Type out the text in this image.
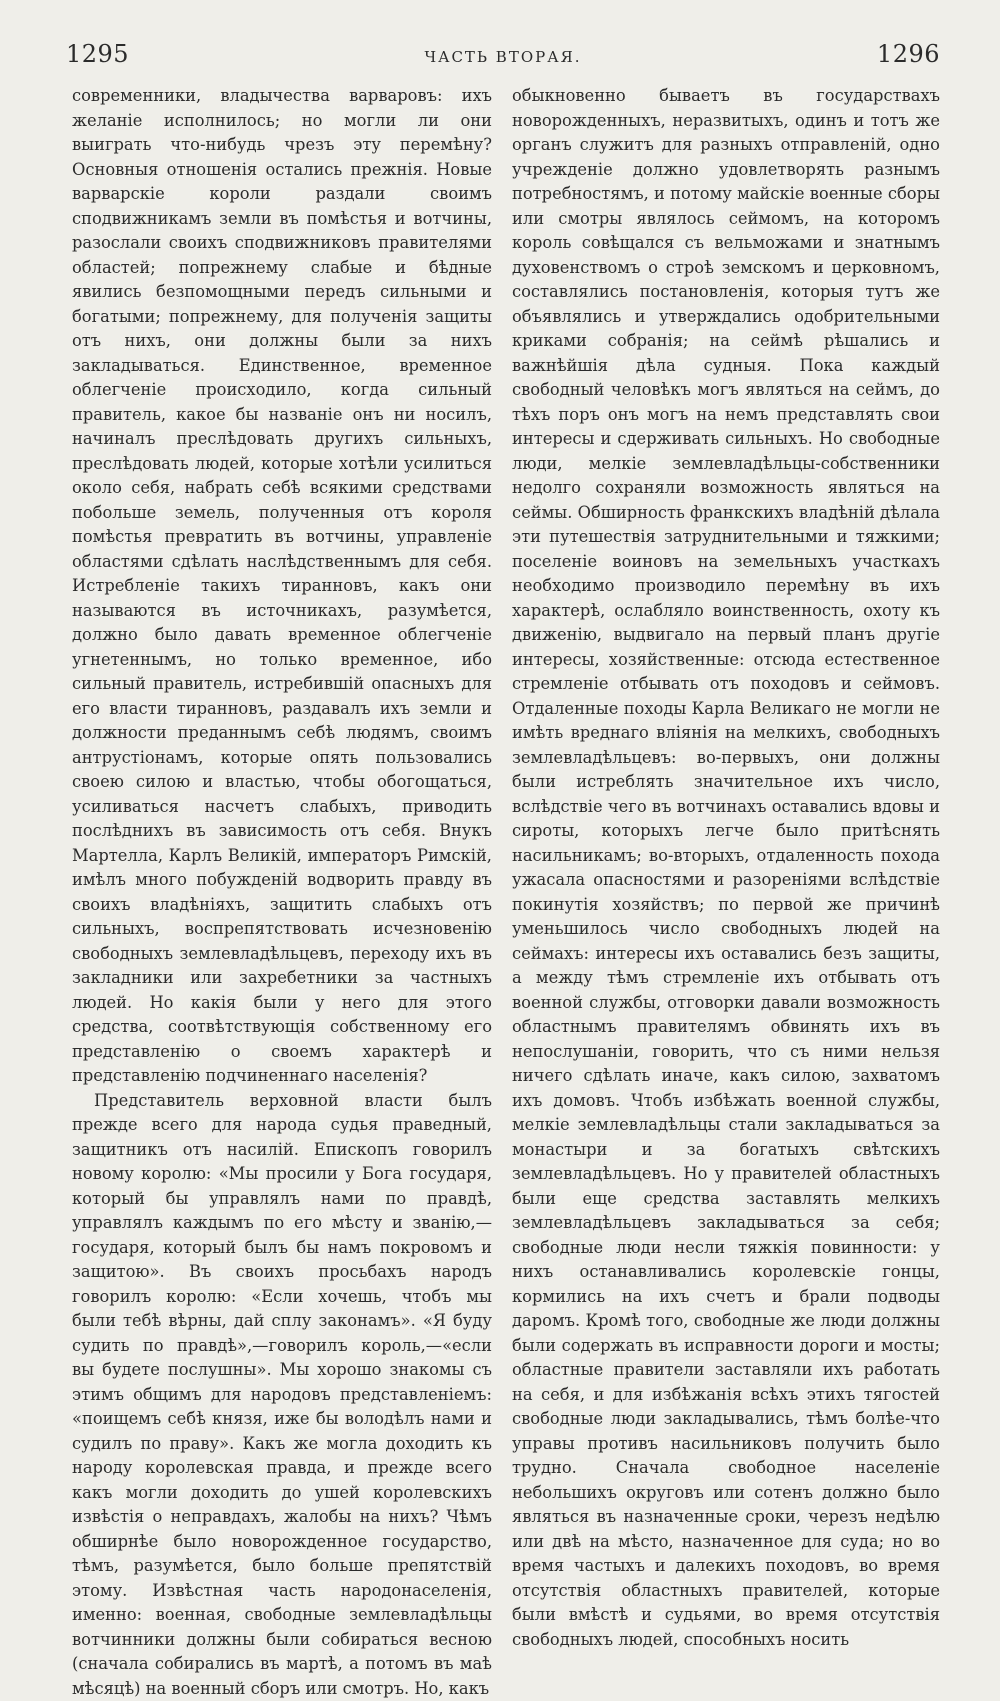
1295	ЧАСТЬ ВТОРАЯ.	1296

современники, владычества варваровъ: ихъ желаніе исполнилось; но могли ли они выиграть что-нибудь чрезъ эту перемѣну? Основныя отношенія остались прежнія. Новые варварскіе короли раздали своимъ сподвижникамъ земли въ помѣстья и вотчины, разослали своихъ сподвижниковъ правителями областей; попрежнему слабые и бѣдные явились безпомощными передъ сильными и богатыми; попрежнему, для полученія защиты отъ нихъ, они должны были за нихъ закладываться. Единственное, временное облегченіе происходило, когда сильный правитель, какое бы названіе онъ ни носилъ, начиналъ преслѣдовать другихъ сильныхъ, преслѣдовать людей, которые хотѣли усилиться около себя, набрать себѣ всякими средствами побольше земель, полученныя отъ короля помѣстья превратить въ вотчины, управленіе областями сдѣлать наслѣдственнымъ для себя. Истребленіе такихъ тиранновъ, какъ они называются въ источникахъ, разумѣется, должно было давать временное облегченіе угнетеннымъ, но только временное, ибо сильный правитель, истребившій опасныхъ для его власти тиранновъ, раздавалъ ихъ земли и должности преданнымъ себѣ людямъ, своимъ антрустіонамъ, которые опять пользовались своею силою и властью, чтобы обогощаться, усиливаться насчетъ слабыхъ, приводить послѣднихъ въ зависимость отъ себя. Внукъ Мартелла, Карлъ Великій, императоръ Римскій, имѣлъ много побужденій водворить правду въ своихъ владѣніяхъ, защитить слабыхъ отъ сильныхъ, воспрепятствовать исчезновенію свободныхъ землевладѣльцевъ, переходу ихъ въ закладники или захребетники за частныхъ людей. Но какія были у него для этого средства, соотвѣтствующія собственному его представленію о своемъ характерѣ и представленію подчиненнаго населенія?

Представитель верховной власти былъ прежде всего для народа судья праведный, защитникъ отъ насилій. Епископъ говорилъ новому королю: «Мы просили у Бога государя, который бы управлялъ нами по правдѣ, управлялъ каждымъ по его мѣсту и званію,—государя, который былъ бы намъ покровомъ и защитою». Въ своихъ просьбахъ народъ говорилъ королю: «Если хочешь, чтобъ мы были тебѣ вѣрны, дай сплу законамъ». «Я буду судить по правдѣ»,—говорилъ король,—«если вы будете послушны». Мы хорошо знакомы съ этимъ общимъ для народовъ представленіемъ: «поищемъ себѣ князя, иже бы володѣлъ нами и судилъ по праву». Какъ же могла доходить къ народу королевская правда, и прежде всего какъ могли доходить до ушей королевскихъ извѣстія о неправдахъ, жалобы на нихъ? Чѣмъ обширнѣе было новорожденное государство, тѣмъ, разумѣется, было больше препятствій этому. Извѣстная часть народонаселенія, именно: военная, свободные землевладѣльцы вотчинники должны были собираться весною (сначала собирались въ мартѣ, а потомъ въ маѣ мѣсяцѣ) на военный сборъ или смотръ. Но, какъ

обыкновенно бываетъ въ государствахъ новорожденныхъ, неразвитыхъ, одинъ и тотъ же органъ служитъ для разныхъ отправленій, одно учрежденіе должно удовлетворять разнымъ потребностямъ, и потому майскіе военные сборы или смотры являлось сеймомъ, на которомъ король совѣщался съ вельможами и знатнымъ духовенствомъ о строѣ земскомъ и церковномъ, составлялись постановленія, которыя тутъ же объявлялись и утверждались одобрительными криками собранія; на сеймѣ рѣшались и важнѣйшія дѣла судныя. Пока каждый свободный человѣкъ могъ являться на сеймъ, до тѣхъ поръ онъ могъ на немъ представлять свои интересы и сдерживать сильныхъ. Но свободные люди, мелкіе землевладѣльцы-собственники недолго сохраняли возможность являться на сеймы. Обширность франкскихъ владѣній дѣлала эти путешествія затруднительными и тяжкими; поселеніе воиновъ на земельныхъ участкахъ необходимо производило перемѣну въ ихъ характерѣ, ослабляло воинственность, охоту къ движенію, выдвигало на первый планъ другіе интересы, хозяйственные: отсюда естественное стремленіе отбывать отъ походовъ и сеймовъ. Отдаленные походы Карла Великаго не могли не имѣть вреднаго вліянія на мелкихъ, свободныхъ землевладѣльцевъ: во-первыхъ, они должны были истреблять значительное ихъ число, вслѣдствіе чего въ вотчинахъ оставались вдовы и сироты, которыхъ легче было притѣснять насильникамъ; во-вторыхъ, отдаленность похода ужасала опасностями и разореніями вслѣдствіе покинутія хозяйствъ; по первой же причинѣ уменьшилось число свободныхъ людей на сеймахъ: интересы ихъ оставались безъ защиты, а между тѣмъ стремленіе ихъ отбывать отъ военной службы, отговорки давали возможность областнымъ правителямъ обвинять ихъ въ непослушаніи, говорить, что съ ними нельзя ничего сдѣлать иначе, какъ силою, захватомъ ихъ домовъ. Чтобъ избѣжать военной службы, мелкіе землевладѣльцы стали закладываться за монастыри и за богатыхъ свѣтскихъ землевладѣльцевъ. Но у правителей областныхъ были еще средства заставлять мелкихъ землевладѣльцевъ закладываться за себя; свободные люди несли тяжкія повинности: у нихъ останавливались королевскіе гонцы, кормились на ихъ счетъ и брали подводы даромъ. Кромѣ того, свободные же люди должны были содержать въ исправности дороги и мосты; областные правители заставляли ихъ работать на себя, и для избѣжанія всѣхъ этихъ тягостей свободные люди закладывались, тѣмъ болѣе-что управы противъ насильниковъ получить было трудно. Сначала свободное населеніе небольшихъ округовъ или сотенъ должно было являться въ назначенные сроки, черезъ недѣлю или двѣ на мѣсто, назначенное для суда; но во время частыхъ и далекихъ походовъ, во время отсутствія областныхъ правителей, которые были вмѣстѣ и судьями, во время отсутствія свободныхъ людей, способныхъ носить
